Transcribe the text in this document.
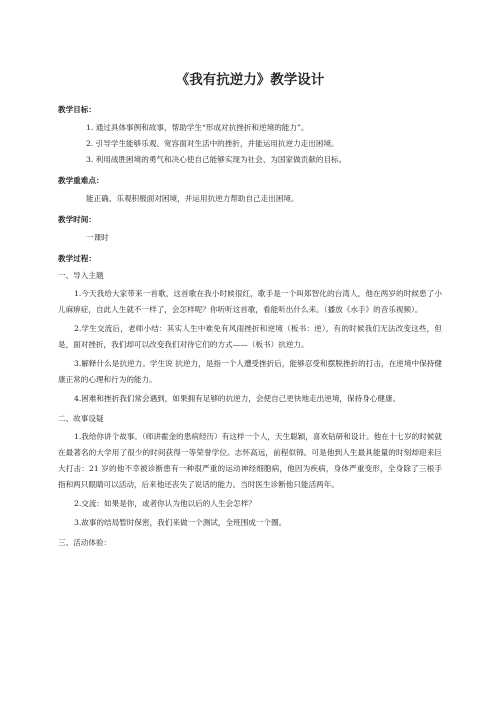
《我有抗逆力》教学设计
教学目标：

1. 通过具体事例和故事，帮助学生“形成对抗挫折和逆境的能力”。

2. 引导学生能够乐观、宽容面对生活中的挫折，并能运用抗逆力走出困境。

3. 利用战胜困境的勇气和决心使自己能够实现为社会、为国家做贡献的目标。

教学重难点：

能正确、乐观积极面对困境，并运用抗逆力帮助自己走出困境。

教学时间：

一课时

教学过程：
一、导入主题

1.今天我给大家带来一首歌，这首歌在我小时候很红，歌手是一个叫郑智化的台湾人，他在两岁的时候患了小儿麻痹症，自此人生就不一样了，会怎样呢？你听听这首歌，看能听出什么来。（播放《水手》的音乐视频）。

2.学生交流后，老师小结：其实人生中难免有风雨挫折和逆境（板书：逆），有的时候我们无法改变这些，但是，面对挫折，我们却可以改变我们对待它们的方式——（板书）抗逆力。

3.解释什么是抗逆力。学生说 抗逆力，是指一个人遭受挫折后，能够忍受和摆脱挫折的打击，在逆境中保持健康正常的心理和行为的能力。

4.困难和挫折我们常会遇到，如果拥有足够的抗逆力，会使自己更快地走出逆境，保持身心健康。

二、故事设疑

1.我给你讲个故事。（师讲霍金的患病经历）有这样一个人，天生聪颖，喜欢钻研和设计。他在十七岁的时候就在最著名的大学用了很少的时间获得一等荣誉学位。志怀高远，前程似锦。可是他到人生最具能量的时刻却迎来巨大打击：21 岁的他不幸被诊断患有一种很严重的运动神经细胞病，他因为疾病，身体严重变形，全身除了三根手指和两只眼睛可以活动，后来他还丧失了说话的能力。当时医生诊断他只能活两年。

2.交流：如果是你，或者你认为他以后的人生会怎样？

3.故事的结局暂时保密，我们来做一个测试，全班围成一个圈。

三、活动体验：
